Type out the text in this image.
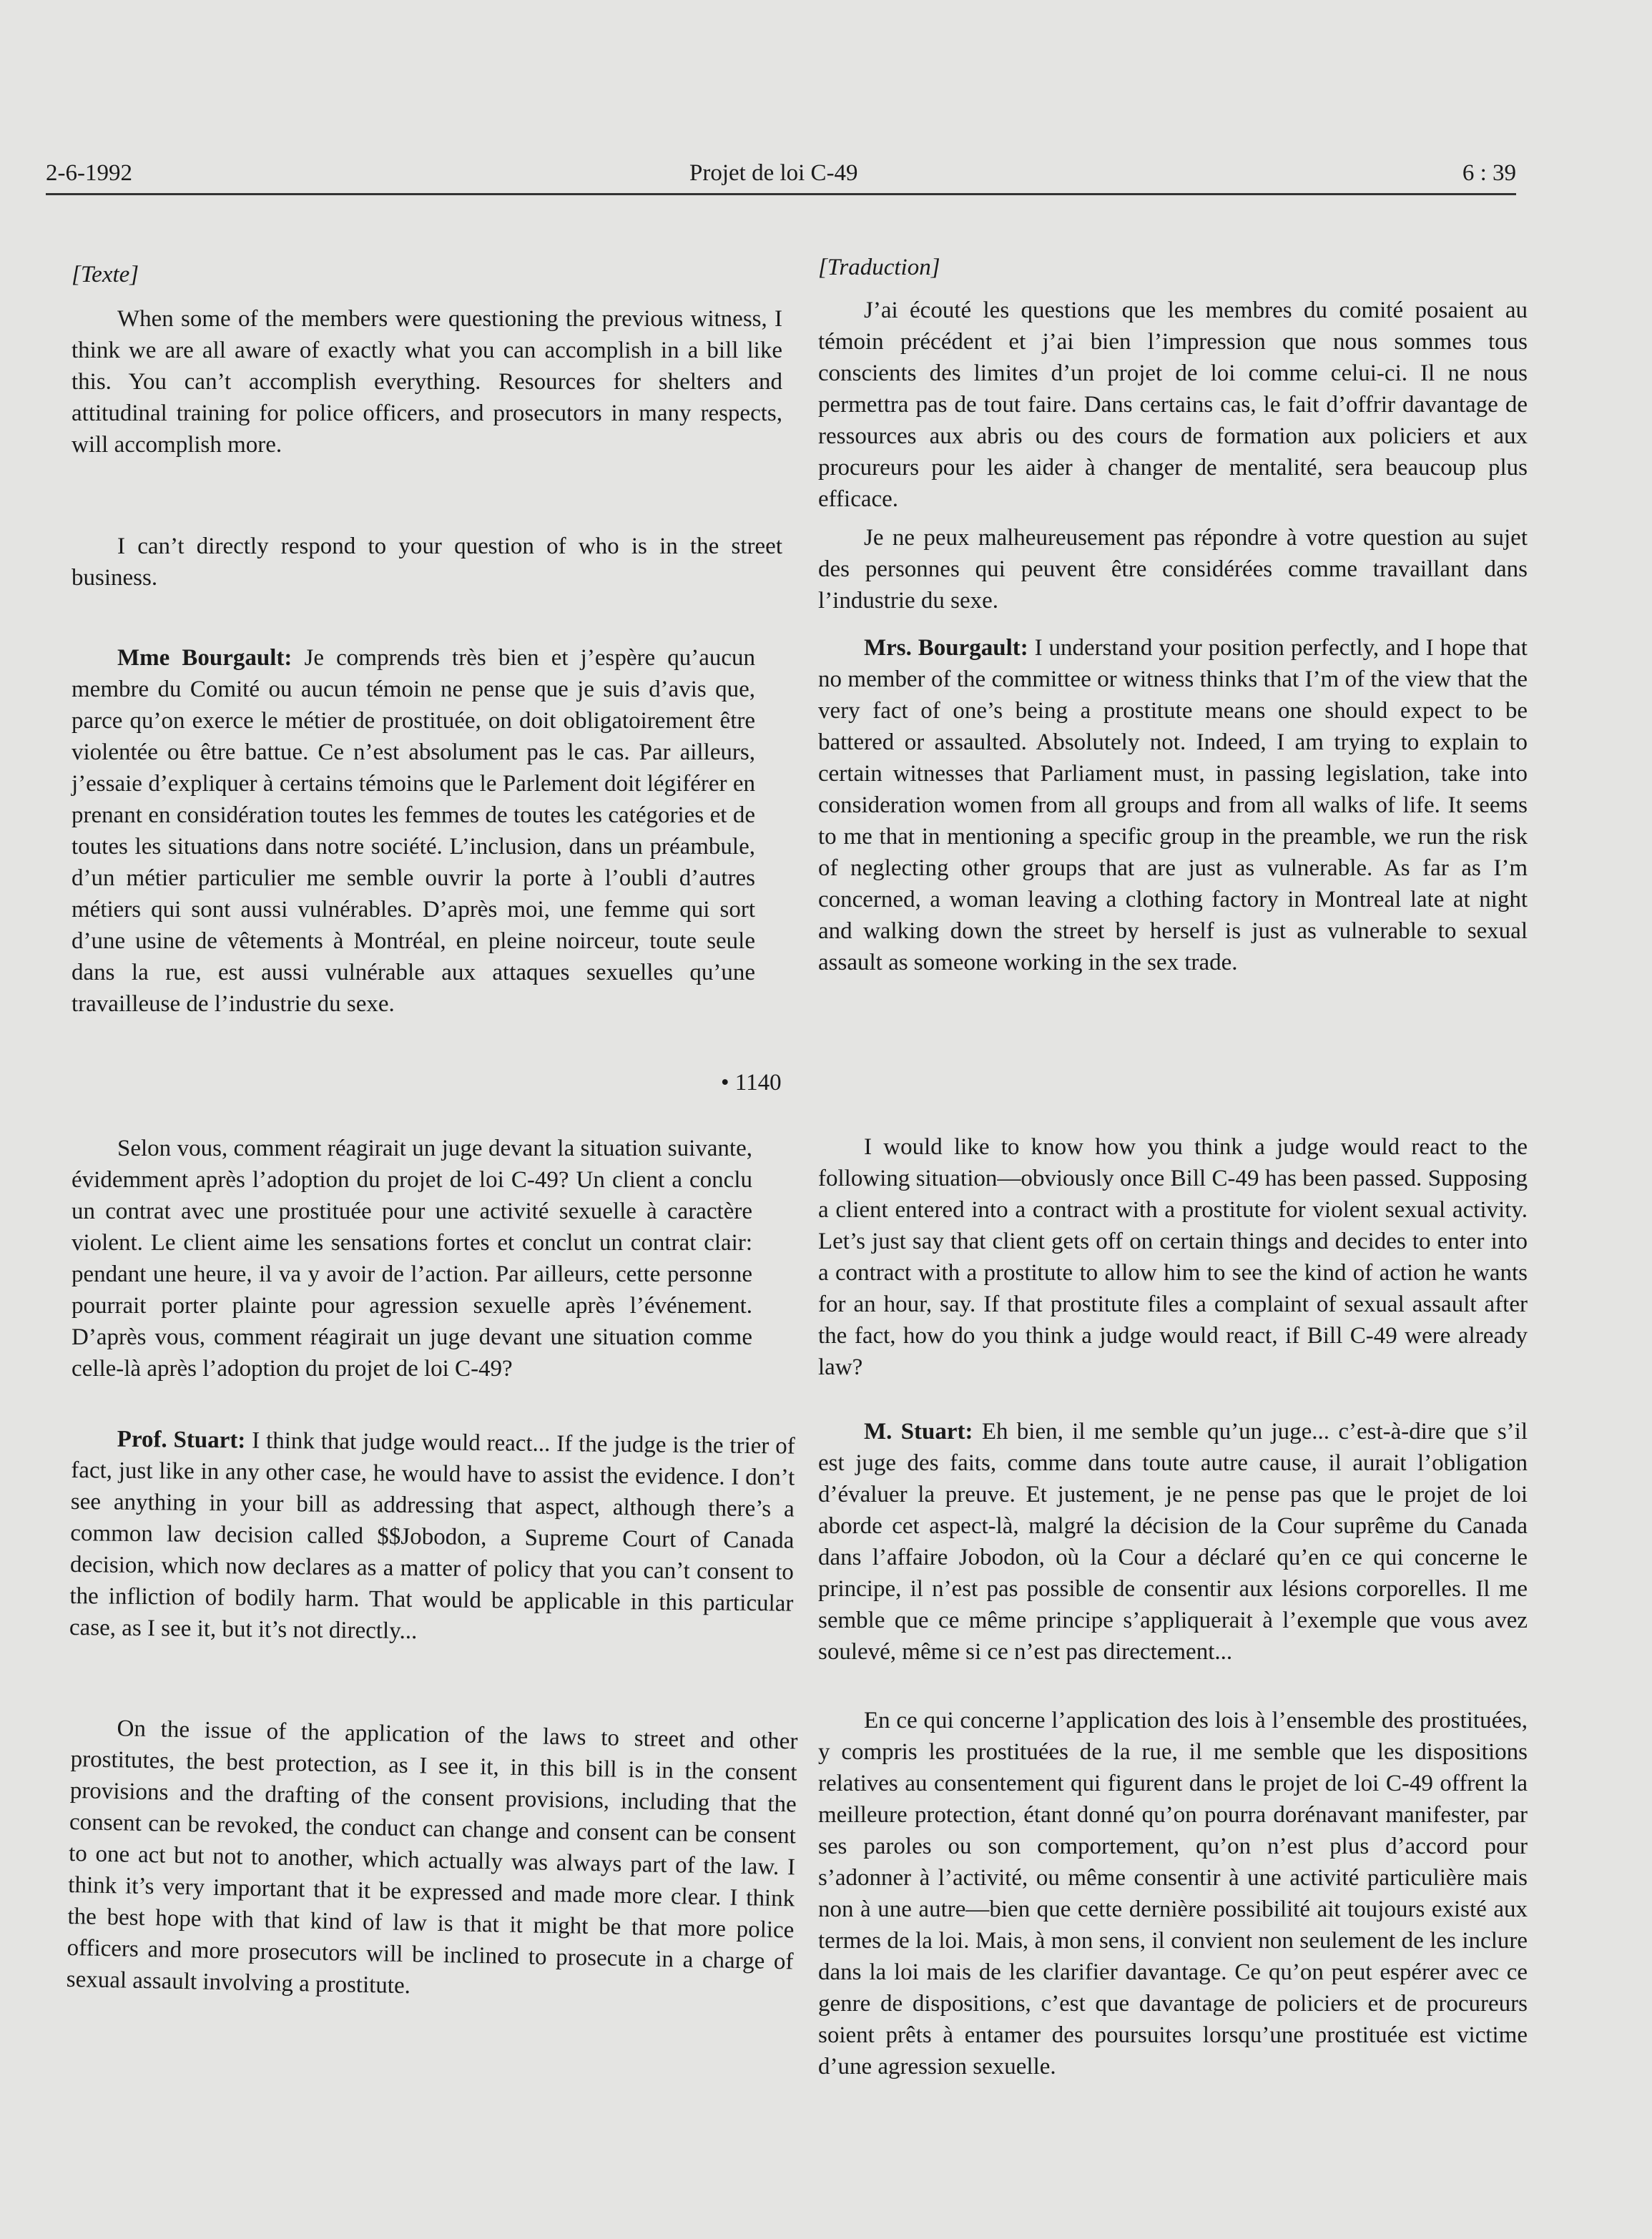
2-6-1992	Projet de loi C-49	6 : 39
[Texte]

When some of the members were questioning the previous witness, I think we are all aware of exactly what you can accomplish in a bill like this. You can’t accomplish everything. Resources for shelters and attitudinal training for police officers, and prosecutors in many respects, will accomplish more.

I can’t directly respond to your question of who is in the street business.

Mme Bourgault: Je comprends très bien et j’espère qu’aucun membre du Comité ou aucun témoin ne pense que je suis d’avis que, parce qu’on exerce le métier de prostituée, on doit obligatoirement être violentée ou être battue. Ce n’est absolument pas le cas. Par ailleurs, j’essaie d’expliquer à certains témoins que le Parlement doit légiférer en prenant en considération toutes les femmes de toutes les catégories et de toutes les situations dans notre société. L’inclusion, dans un préambule, d’un métier particulier me semble ouvrir la porte à l’oubli d’autres métiers qui sont aussi vulnérables. D’après moi, une femme qui sort d’une usine de vêtements à Montréal, en pleine noirceur, toute seule dans la rue, est aussi vulnérable aux attaques sexuelles qu’une travailleuse de l’industrie du sexe.

Selon vous, comment réagirait un juge devant la situation suivante, évidemment après l’adoption du projet de loi C-49? Un client a conclu un contrat avec une prostituée pour une activité sexuelle à caractère violent. Le client aime les sensations fortes et conclut un contrat clair: pendant une heure, il va y avoir de l’action. Par ailleurs, cette personne pourrait porter plainte pour agression sexuelle après l’événement. D’après vous, comment réagirait un juge devant une situation comme celle-là après l’adoption du projet de loi C-49?

Prof. Stuart: I think that judge would react... If the judge is the trier of fact, just like in any other case, he would have to assist the evidence. I don’t see anything in your bill as addressing that aspect, although there’s a common law decision called $$Jobodon, a Supreme Court of Canada decision, which now declares as a matter of policy that you can’t consent to the infliction of bodily harm. That would be applicable in this particular case, as I see it, but it’s not directly...

On the issue of the application of the laws to street and other prostitutes, the best protection, as I see it, in this bill is in the consent provisions and the drafting of the consent provisions, including that the consent can be revoked, the conduct can change and consent can be consent to one act but not to another, which actually was always part of the law. I think it’s very important that it be expressed and made more clear. I think the best hope with that kind of law is that it might be that more police officers and more prosecutors will be inclined to prosecute in a charge of sexual assault involving a prostitute.

• 1140
[Traduction]

J’ai écouté les questions que les membres du comité posaient au témoin précédent et j’ai bien l’impression que nous sommes tous conscients des limites d’un projet de loi comme celui-ci. Il ne nous permettra pas de tout faire. Dans certains cas, le fait d’offrir davantage de ressources aux abris ou des cours de formation aux policiers et aux procureurs pour les aider à changer de mentalité, sera beaucoup plus efficace.

Je ne peux malheureusement pas répondre à votre question au sujet des personnes qui peuvent être considérées comme travaillant dans l’industrie du sexe.

Mrs. Bourgault: I understand your position perfectly, and I hope that no member of the committee or witness thinks that I’m of the view that the very fact of one’s being a prostitute means one should expect to be battered or assaulted. Absolutely not. Indeed, I am trying to explain to certain witnesses that Parliament must, in passing legislation, take into consideration women from all groups and from all walks of life. It seems to me that in mentioning a specific group in the preamble, we run the risk of neglecting other groups that are just as vulnerable. As far as I’m concerned, a woman leaving a clothing factory in Montreal late at night and walking down the street by herself is just as vulnerable to sexual assault as someone working in the sex trade.

I would like to know how you think a judge would react to the following situation—obviously once Bill C-49 has been passed. Supposing a client entered into a contract with a prostitute for violent sexual activity. Let’s just say that client gets off on certain things and decides to enter into a contract with a prostitute to allow him to see the kind of action he wants for an hour, say. If that prostitute files a complaint of sexual assault after the fact, how do you think a judge would react, if Bill C-49 were already law?

M. Stuart: Eh bien, il me semble qu’un juge... c’est-à-dire que s’il est juge des faits, comme dans toute autre cause, il aurait l’obligation d’évaluer la preuve. Et justement, je ne pense pas que le projet de loi aborde cet aspect-là, malgré la décision de la Cour suprême du Canada dans l’affaire Jobodon, où la Cour a déclaré qu’en ce qui concerne le principe, il n’est pas possible de consentir aux lésions corporelles. Il me semble que ce même principe s’appliquerait à l’exemple que vous avez soulevé, même si ce n’est pas directement...

En ce qui concerne l’application des lois à l’ensemble des prostituées, y compris les prostituées de la rue, il me semble que les dispositions relatives au consentement qui figurent dans le projet de loi C-49 offrent la meilleure protection, étant donné qu’on pourra dorénavant manifester, par ses paroles ou son comportement, qu’on n’est plus d’accord pour s’adonner à l’activité, ou même consentir à une activité particulière mais non à une autre—bien que cette dernière possibilité ait toujours existé aux termes de la loi. Mais, à mon sens, il convient non seulement de les inclure dans la loi mais de les clarifier davantage. Ce qu’on peut espérer avec ce genre de dispositions, c’est que davantage de policiers et de procureurs soient prêts à entamer des poursuites lorsqu’une prostituée est victime d’une agression sexuelle.
